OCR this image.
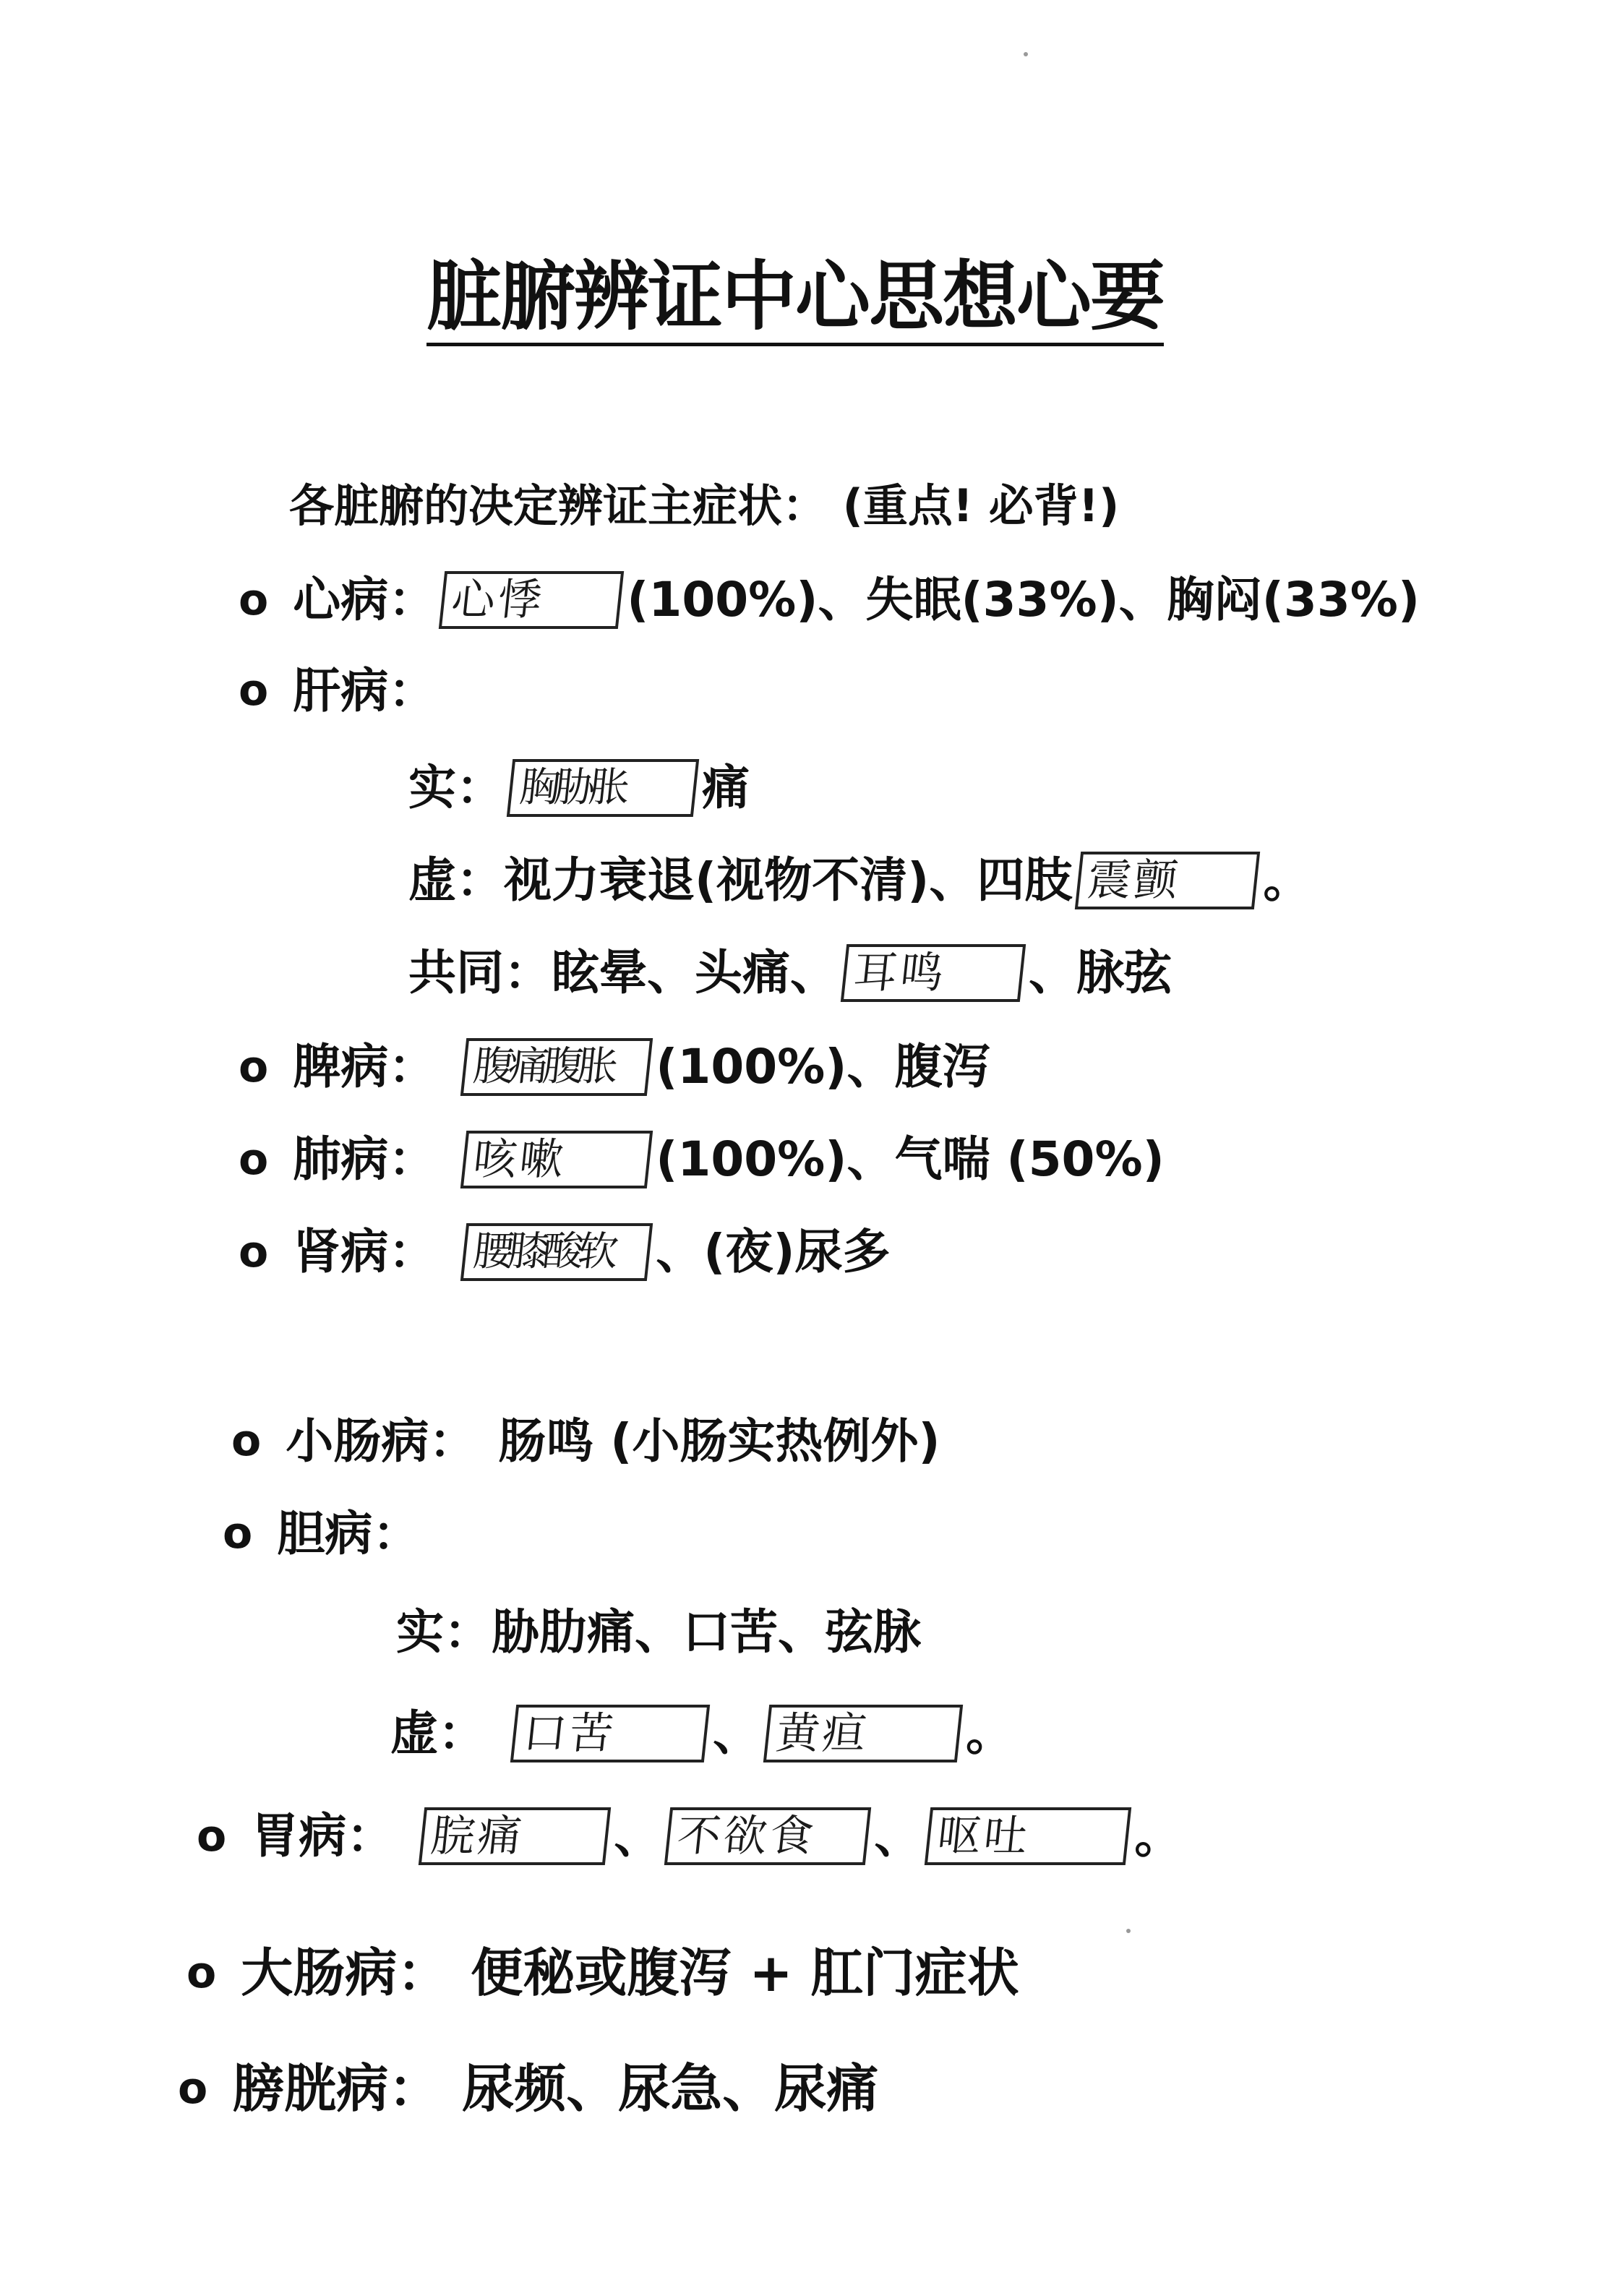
脏腑辨证中心思想心要
各脏腑的决定辨证主症状： (重点! 必背!)
o 心病： 心悸	(100%)、失眠(33%)、胸闷(33%)
o 肝病：
实： 胸胁胀	痛
虚： 视力衰退(视物不清)、四肢 震颤	。
共同： 眩晕、头痛、 耳鸣	、脉弦
o 脾病： 腹痛腹胀 (100%)、腹泻
o 肺病： 咳嗽	(100%)、气喘 (50%)
o 肾病： 腰膝酸软 、(夜)尿多
o 小肠病： 肠鸣 (小肠实热例外)
o 胆病：
实： 胁肋痛、口苦、弦脉
虚： 口苦	、 黄疸	。
o 胃病： 脘痛	、 不欲食	、 呕吐	。
o 大肠病： 便秘或腹泻 + 肛门症状
o 膀胱病： 尿频、尿急、尿痛
